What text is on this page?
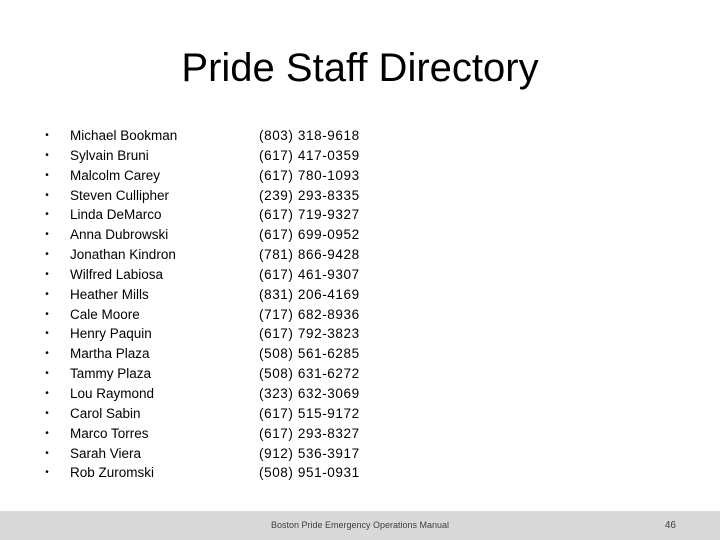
Pride Staff Directory
•	Michael Bookman	(803) 318-9618
•	Sylvain Bruni	(617) 417-0359
•	Malcolm Carey	(617) 780-1093
•	Steven Cullipher	(239) 293-8335
•	Linda DeMarco	(617) 719-9327
•	Anna Dubrowski	(617) 699-0952
•	Jonathan Kindron	(781) 866-9428
•	Wilfred Labiosa	(617) 461-9307
•	Heather Mills	(831) 206-4169
•	Cale Moore	(717) 682-8936
•	Henry Paquin	(617) 792-3823
•	Martha Plaza	(508) 561-6285
•	Tammy Plaza	(508) 631-6272
•	Lou Raymond	(323) 632-3069
•	Carol Sabin	(617) 515-9172
•	Marco Torres	(617) 293-8327
•	Sarah Viera	(912) 536-3917
•	Rob Zuromski	(508) 951-0931
Boston Pride Emergency Operations Manual	46
